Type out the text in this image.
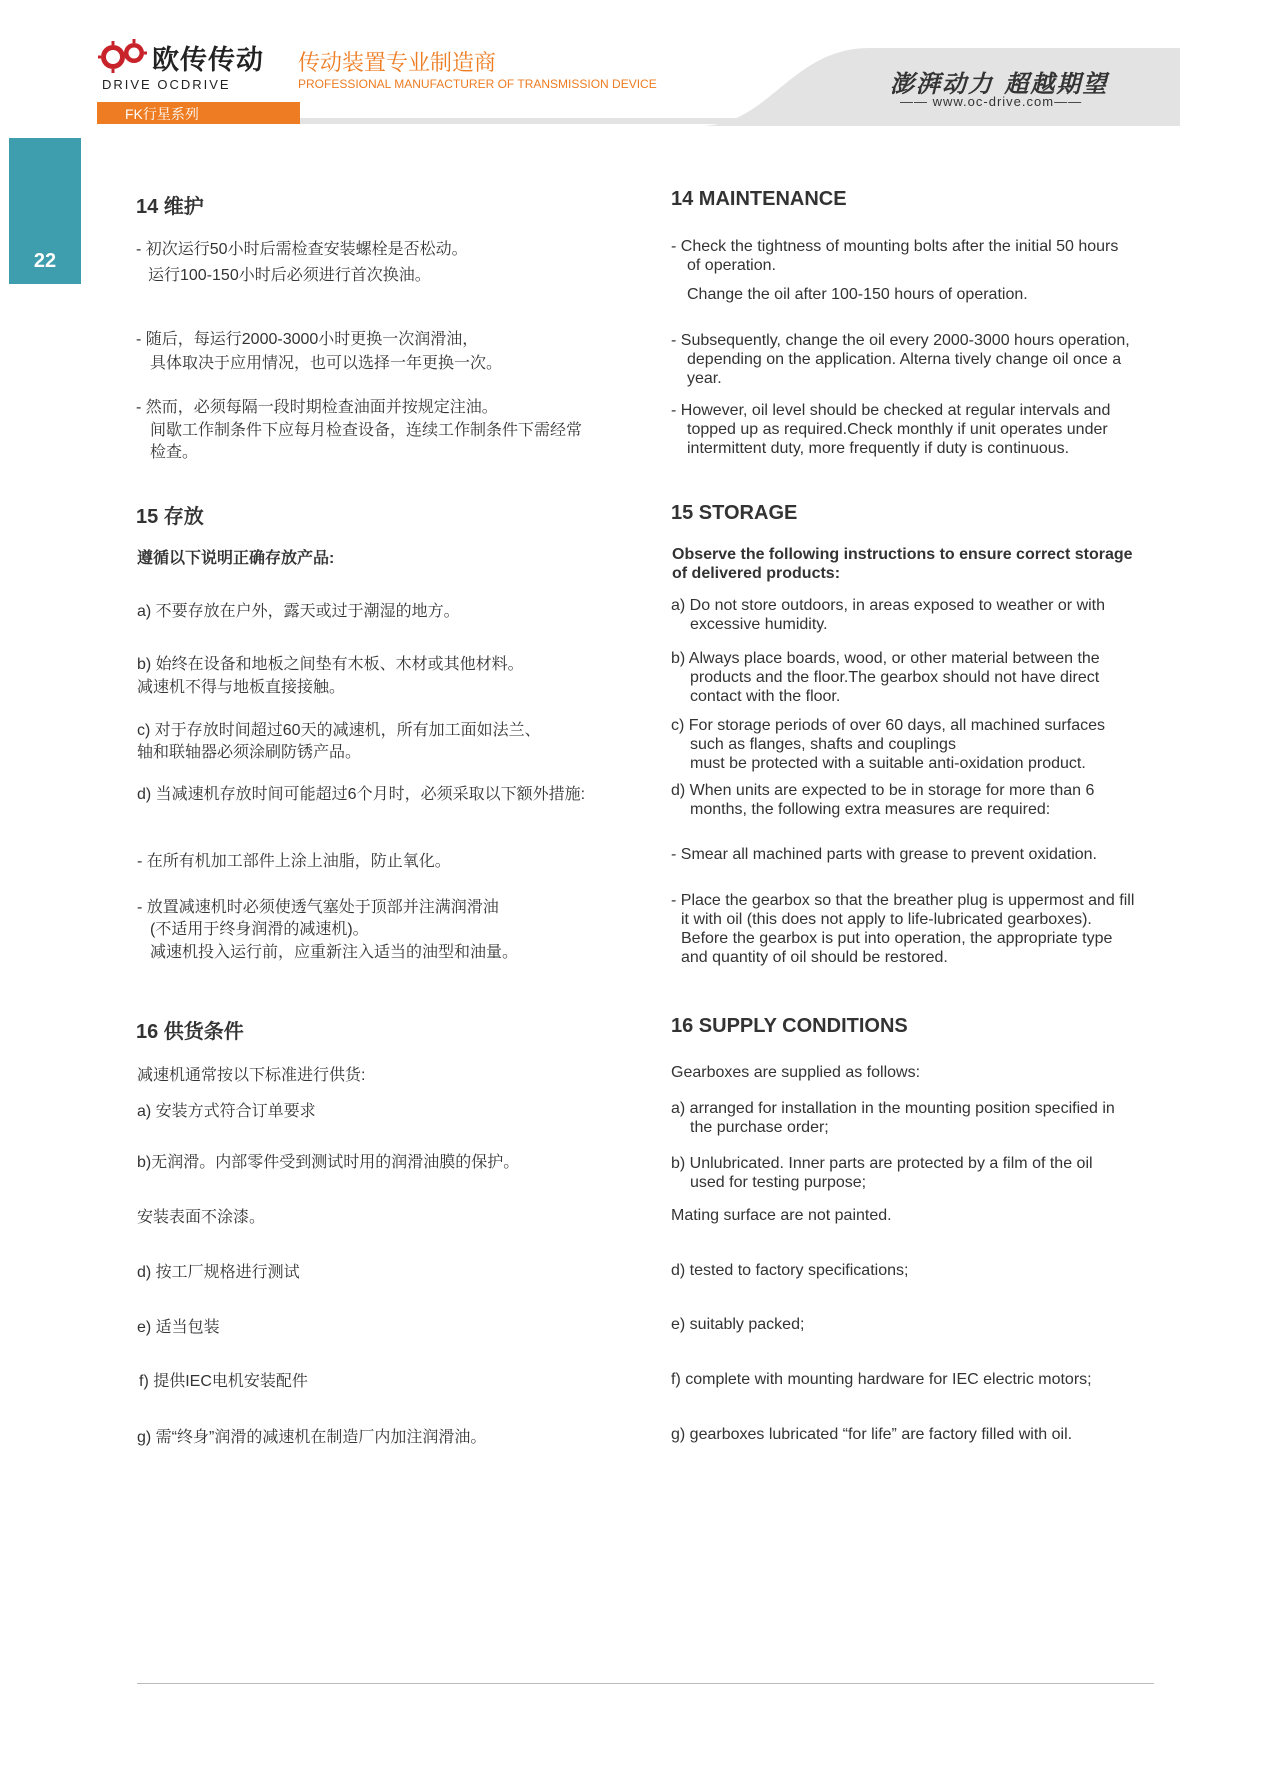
欧传传动
DRIVE OCDRIVE
传动装置专业制造商
PROFESSIONAL MANUFACTURER OF TRANSMISSION DEVICE	澎湃动力 超越期望
—— www.oc-drive.com——
FK行星系列
22
14 维护
- 初次运行50小时后需检查安装螺栓是否松动。
运行100-150小时后必须进行首次换油。
- 随后，每运行2000-3000小时更换一次润滑油，
具体取决于应用情况，也可以选择一年更换一次。
- 然而，必须每隔一段时期检查油面并按规定注油。
间歇工作制条件下应每月检查设备，连续工作制条件下需经常
检查。
15 存放
遵循以下说明正确存放产品:
a) 不要存放在户外，露天或过于潮湿的地方。
b) 始终在设备和地板之间垫有木板、木材或其他材料。
减速机不得与地板直接接触。
c) 对于存放时间超过60天的减速机，所有加工面如法兰、
轴和联轴器必须涂刷防锈产品。
d) 当减速机存放时间可能超过6个月时，必须采取以下额外措施:
- 在所有机加工部件上涂上油脂，防止氧化。
- 放置减速机时必须使透气塞处于顶部并注满润滑油
(不适用于终身润滑的减速机)。
减速机投入运行前，应重新注入适当的油型和油量。
16 供货条件
减速机通常按以下标准进行供货:
a) 安装方式符合订单要求
b)无润滑。内部零件受到测试时用的润滑油膜的保护。
安装表面不涂漆。
d) 按工厂规格进行测试
e) 适当包装
f) 提供IEC电机安装配件
g) 需“终身”润滑的减速机在制造厂内加注润滑油。
14 MAINTENANCE
- Check the tightness of mounting bolts after the initial 50 hours
of operation.
Change the oil after 100-150 hours of operation.
- Subsequently, change the oil every 2000-3000 hours operation,
depending on the application. Alterna tively change oil once a
year.
- However, oil level should be checked at regular intervals and
topped up as required.Check monthly if unit operates under
intermittent duty, more frequently if duty is continuous.
15 STORAGE
Observe the following instructions to ensure correct storage
of delivered products:
a) Do not store outdoors, in areas exposed to weather or with
excessive humidity.
b) Always place boards, wood, or other material between the
products and the floor.The gearbox should not have direct
contact with the floor.
c) For storage periods of over 60 days, all machined surfaces
such as flanges, shafts and couplings
must be protected with a suitable anti-oxidation product.
d) When units are expected to be in storage for more than 6
months, the following extra measures are required:
- Smear all machined parts with grease to prevent oxidation.
- Place the gearbox so that the breather plug is uppermost and fill
it with oil (this does not apply to life-lubricated gearboxes).
Before the gearbox is put into operation, the appropriate type
and quantity of oil should be restored.
16 SUPPLY CONDITIONS
Gearboxes are supplied as follows:
a) arranged for installation in the mounting position specified in
the purchase order;
b) Unlubricated. Inner parts are protected by a film of the oil
used for testing purpose;
Mating surface are not painted.
d) tested to factory specifications;
e) suitably packed;
f) complete with mounting hardware for IEC electric motors;
g) gearboxes lubricated “for life” are factory filled with oil.
